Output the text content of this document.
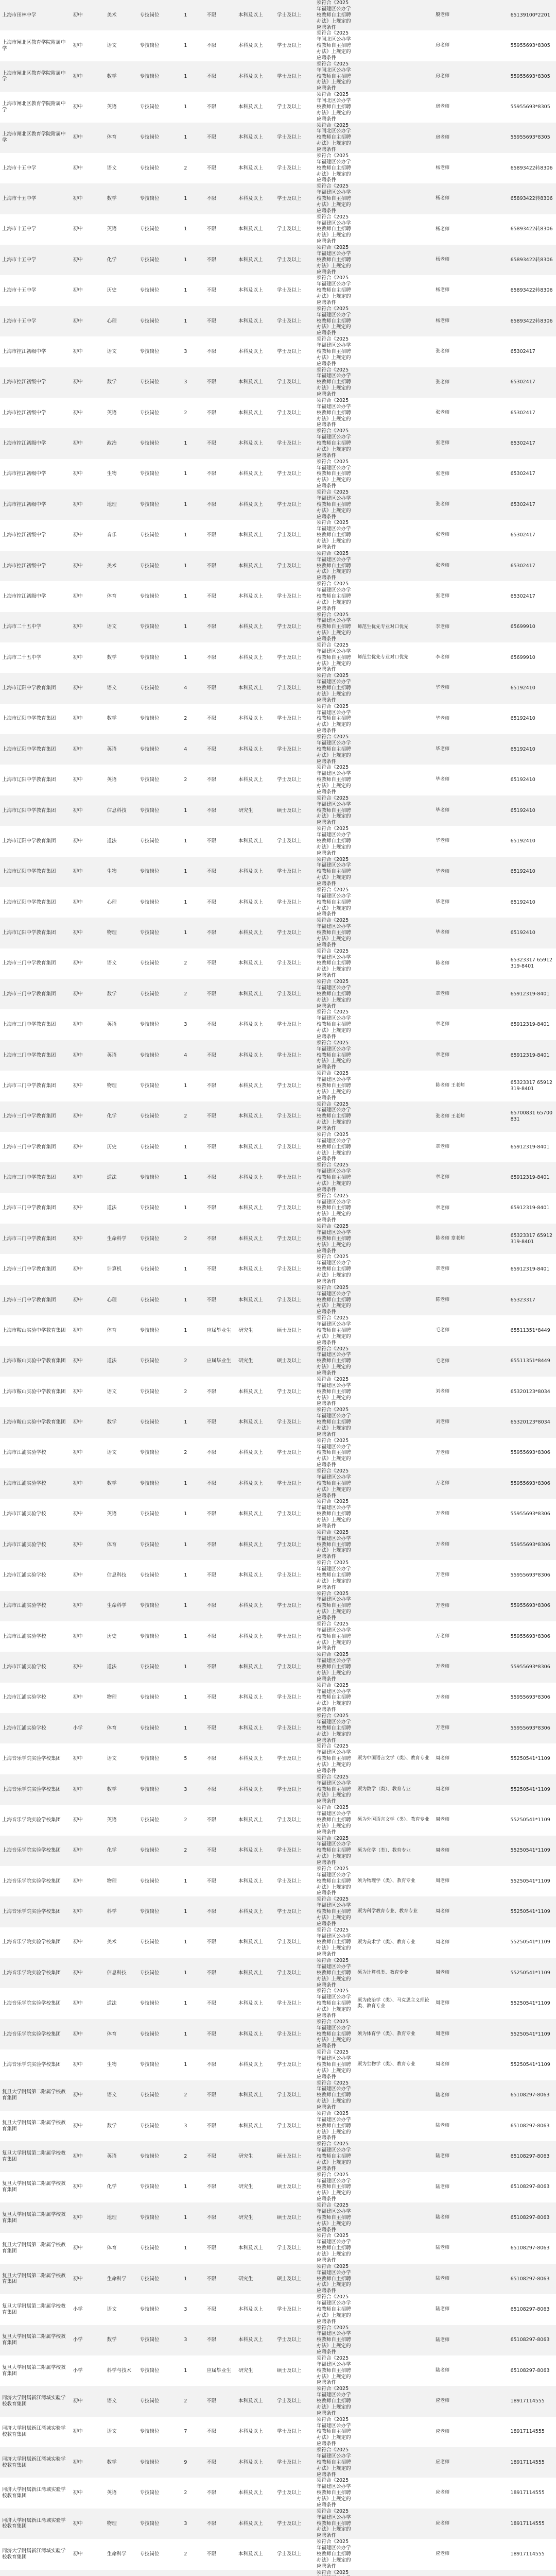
上海市田林中学	初中	美术	专技岗位	1	不限	本科及以上	学士及以上	须符合《2025年福建区公办学校教师自主招聘办法》上规定的应聘条件		殷老师	65139100*2201
上海市闸北区教育学院附属中学	初中	语文	专技岗位	1	不限	本科及以上	学士及以上	须符合《2025年闸北区公办学校教师自主招聘办法》上规定的应聘条件		房老师	55955693*8305
上海市闸北区教育学院附属中学	初中	数学	专技岗位	1	不限	本科及以上	学士及以上	须符合《2025年闸北区公办学校教师自主招聘办法》上规定的应聘条件		房老师	55955693*8305
上海市闸北区教育学院附属中学	初中	英语	专技岗位	1	不限	本科及以上	学士及以上	须符合《2025年闸北区公办学校教师自主招聘办法》上规定的应聘条件		房老师	55955693*8305
上海市闸北区教育学院附属中学	初中	体育	专技岗位	1	不限	本科及以上	学士及以上	须符合《2025年闸北区公办学校教师自主招聘办法》上规定的应聘条件		房老师	55955693*8305
上海市十五中学	初中	语文	专技岗位	2	不限	本科及以上	学士及以上	须符合《2025年福建区公办学校教师自主招聘办法》上规定的应聘条件		杨老师	65893422转8306
上海市十五中学	初中	数学	专技岗位	1	不限	本科及以上	学士及以上	须符合《2025年福建区公办学校教师自主招聘办法》上规定的应聘条件		杨老师	65893422转8306
上海市十五中学	初中	英语	专技岗位	1	不限	本科及以上	学士及以上	须符合《2025年福建区公办学校教师自主招聘办法》上规定的应聘条件		杨老师	65893422转8306
上海市十五中学	初中	化学	专技岗位	1	不限	本科及以上	学士及以上	须符合《2025年福建区公办学校教师自主招聘办法》上规定的应聘条件		杨老师	65893422转8306
上海市十五中学	初中	历史	专技岗位	1	不限	本科及以上	学士及以上	须符合《2025年福建区公办学校教师自主招聘办法》上规定的应聘条件		杨老师	65893422转8306
上海市十五中学	初中	心理	专技岗位	1	不限	本科及以上	学士及以上	须符合《2025年福建区公办学校教师自主招聘办法》上规定的应聘条件		杨老师	65893422转8306
上海市控江初级中学	初中	语文	专技岗位	3	不限	本科及以上	学士及以上	须符合《2025年福建区公办学校教师自主招聘办法》上规定的应聘条件		张老师	65302417
上海市控江初级中学	初中	数学	专技岗位	3	不限	本科及以上	学士及以上	须符合《2025年福建区公办学校教师自主招聘办法》上规定的应聘条件		张老师	65302417
上海市控江初级中学	初中	英语	专技岗位	2	不限	本科及以上	学士及以上	须符合《2025年福建区公办学校教师自主招聘办法》上规定的应聘条件		张老师	65302417
上海市控江初级中学	初中	政治	专技岗位	1	不限	本科及以上	学士及以上	须符合《2025年福建区公办学校教师自主招聘办法》上规定的应聘条件		张老师	65302417
上海市控江初级中学	初中	生物	专技岗位	1	不限	本科及以上	学士及以上	须符合《2025年福建区公办学校教师自主招聘办法》上规定的应聘条件		张老师	65302417
上海市控江初级中学	初中	地理	专技岗位	1	不限	本科及以上	学士及以上	须符合《2025年福建区公办学校教师自主招聘办法》上规定的应聘条件		张老师	65302417
上海市控江初级中学	初中	音乐	专技岗位	1	不限	本科及以上	学士及以上	须符合《2025年福建区公办学校教师自主招聘办法》上规定的应聘条件		张老师	65302417
上海市控江初级中学	初中	美术	专技岗位	1	不限	本科及以上	学士及以上	须符合《2025年福建区公办学校教师自主招聘办法》上规定的应聘条件		张老师	65302417
上海市控江初级中学	初中	体育	专技岗位	1	不限	本科及以上	学士及以上	须符合《2025年福建区公办学校教师自主招聘办法》上规定的应聘条件		张老师	65302417
上海市二十五中学	初中	语文	专技岗位	1	不限	本科及以上	学士及以上	须符合《2025年福建区公办学校教师自主招聘办法》上规定的应聘条件	师范生优先专业对口优先	李老师	65699910
上海市二十五中学	初中	数学	专技岗位	1	不限	本科及以上	学士及以上	须符合《2025年福建区公办学校教师自主招聘办法》上规定的应聘条件	师范生优先专业对口优先	李老师	65699910
上海市辽阳中学教育集团	初中	语文	专技岗位	4	不限	本科及以上	学士及以上	须符合《2025年福建区公办学校教师自主招聘办法》上规定的应聘条件		毕老师	65192410
上海市辽阳中学教育集团	初中	数学	专技岗位	2	不限	本科及以上	学士及以上	须符合《2025年福建区公办学校教师自主招聘办法》上规定的应聘条件		毕老师	65192410
上海市辽阳中学教育集团	初中	英语	专技岗位	4	不限	本科及以上	学士及以上	须符合《2025年福建区公办学校教师自主招聘办法》上规定的应聘条件		毕老师	65192410
上海市辽阳中学教育集团	初中	英语	专技岗位	2	不限	本科及以上	学士及以上	须符合《2025年福建区公办学校教师自主招聘办法》上规定的应聘条件		毕老师	65192410
上海市辽阳中学教育集团	初中	信息科技	专技岗位	1	不限	研究生	硕士及以上	须符合《2025年福建区公办学校教师自主招聘办法》上规定的应聘条件		毕老师	65192410
上海市辽阳中学教育集团	初中	道法	专技岗位	1	不限	本科及以上	学士及以上	须符合《2025年福建区公办学校教师自主招聘办法》上规定的应聘条件		毕老师	65192410
上海市辽阳中学教育集团	初中	生物	专技岗位	1	不限	本科及以上	学士及以上	须符合《2025年福建区公办学校教师自主招聘办法》上规定的应聘条件		毕老师	65192410
上海市辽阳中学教育集团	初中	心理	专技岗位	1	不限	本科及以上	学士及以上	须符合《2025年福建区公办学校教师自主招聘办法》上规定的应聘条件		毕老师	65192410
上海市辽阳中学教育集团	初中	物理	专技岗位	1	不限	本科及以上	学士及以上	须符合《2025年福建区公办学校教师自主招聘办法》上规定的应聘条件		毕老师	65192410
上海市三门中学教育集团	初中	语文	专技岗位	2	不限	本科及以上	学士及以上	须符合《2025年福建区公办学校教师自主招聘办法》上规定的应聘条件		陈老师	65323317 65912319-8401
上海市三门中学教育集团	初中	数学	专技岗位	2	不限	本科及以上	学士及以上	须符合《2025年福建区公办学校教师自主招聘办法》上规定的应聘条件		章老师	65912319-8401
上海市三门中学教育集团	初中	英语	专技岗位	3	不限	本科及以上	学士及以上	须符合《2025年福建区公办学校教师自主招聘办法》上规定的应聘条件		章老师	65912319-8401
上海市三门中学教育集团	初中	英语	专技岗位	4	不限	本科及以上	学士及以上	须符合《2025年福建区公办学校教师自主招聘办法》上规定的应聘条件		章老师	65912319-8401
上海市三门中学教育集团	初中	物理	专技岗位	1	不限	本科及以上	学士及以上	须符合《2025年福建区公办学校教师自主招聘办法》上规定的应聘条件		陈老师 王老师	65323317 65912319-8401
上海市三门中学教育集团	初中	化学	专技岗位	2	不限	本科及以上	学士及以上	须符合《2025年福建区公办学校教师自主招聘办法》上规定的应聘条件		张老师 王老师	65700831 65700831
上海市三门中学教育集团	初中	历史	专技岗位	1	不限	本科及以上	学士及以上	须符合《2025年福建区公办学校教师自主招聘办法》上规定的应聘条件		章老师	65912319-8401
上海市三门中学教育集团	初中	道法	专技岗位	1	不限	本科及以上	学士及以上	须符合《2025年福建区公办学校教师自主招聘办法》上规定的应聘条件		章老师	65912319-8401
上海市三门中学教育集团	初中	道法	专技岗位	1	不限	本科及以上	学士及以上	须符合《2025年福建区公办学校教师自主招聘办法》上规定的应聘条件		章老师	65912319-8401
上海市三门中学教育集团	初中	生命科学	专技岗位	2	不限	本科及以上	学士及以上	须符合《2025年福建区公办学校教师自主招聘办法》上规定的应聘条件		陈老师 章老师	65323317 65912319-8401
上海市三门中学教育集团	初中	计算机	专技岗位	1	不限	本科及以上	学士及以上	须符合《2025年福建区公办学校教师自主招聘办法》上规定的应聘条件		章老师	65912319-8401
上海市三门中学教育集团	初中	心理	专技岗位	1	不限	本科及以上	学士及以上	须符合《2025年福建区公办学校教师自主招聘办法》上规定的应聘条件		陈老师	65323317
上海市鞍山实验中学教育集团	初中	体育	专技岗位	1	应届毕业生	研究生	硕士及以上	须符合《2025年福建区公办学校教师自主招聘办法》上规定的应聘条件		毛老师	65511351*8449
上海市鞍山实验中学教育集团	初中	道法	专技岗位	2	应届毕业生	研究生	硕士及以上	须符合《2025年福建区公办学校教师自主招聘办法》上规定的应聘条件		毛老师	65511351*8449
上海市鞍山实验中学教育集团	初中	语文	专技岗位	2	不限	本科及以上	学士及以上	须符合《2025年福建区公办学校教师自主招聘办法》上规定的应聘条件		刘老师	65320123*8034
上海市鞍山实验中学教育集团	初中	数学	专技岗位	1	不限	本科及以上	学士及以上	须符合《2025年福建区公办学校教师自主招聘办法》上规定的应聘条件		刘老师	65320123*8034
上海市江浦实验学校	初中	语文	专技岗位	2	不限	本科及以上	学士及以上	须符合《2025年福建区公办学校教师自主招聘办法》上规定的应聘条件		万老师	55955693*8306
上海市江浦实验学校	初中	数学	专技岗位	1	不限	本科及以上	学士及以上	须符合《2025年福建区公办学校教师自主招聘办法》上规定的应聘条件		万老师	55955693*8306
上海市江浦实验学校	初中	英语	专技岗位	1	不限	本科及以上	学士及以上	须符合《2025年福建区公办学校教师自主招聘办法》上规定的应聘条件		万老师	55955693*8306
上海市江浦实验学校	初中	体育	专技岗位	1	不限	本科及以上	学士及以上	须符合《2025年福建区公办学校教师自主招聘办法》上规定的应聘条件		万老师	55955693*8306
上海市江浦实验学校	初中	信息科技	专技岗位	1	不限	本科及以上	学士及以上	须符合《2025年福建区公办学校教师自主招聘办法》上规定的应聘条件		万老师	55955693*8306
上海市江浦实验学校	初中	生命科学	专技岗位	1	不限	本科及以上	学士及以上	须符合《2025年福建区公办学校教师自主招聘办法》上规定的应聘条件		万老师	55955693*8306
上海市江浦实验学校	初中	历史	专技岗位	1	不限	本科及以上	学士及以上	须符合《2025年福建区公办学校教师自主招聘办法》上规定的应聘条件		万老师	55955693*8306
上海市江浦实验学校	初中	道法	专技岗位	1	不限	本科及以上	学士及以上	须符合《2025年福建区公办学校教师自主招聘办法》上规定的应聘条件		万老师	55955693*8306
上海市江浦实验学校	初中	物理	专技岗位	1	不限	本科及以上	学士及以上	须符合《2025年福建区公办学校教师自主招聘办法》上规定的应聘条件		万老师	55955693*8306
上海市江浦实验学校	小学	体育	专技岗位	1	不限	本科及以上	学士及以上	须符合《2025年福建区公办学校教师自主招聘办法》上规定的应聘条件		万老师	55955693*8306
上海音乐学院实验学校集团	初中	语文	专技岗位	5	不限	本科及以上	学士及以上	须符合《2025年福建区公办学校教师自主招聘办法》上规定的应聘条件	须为中国语言文学（类）、教育专业	周老师	55250541*1109
上海音乐学院实验学校集团	初中	数学	专技岗位	3	不限	本科及以上	学士及以上	须符合《2025年福建区公办学校教师自主招聘办法》上规定的应聘条件	须为数学（类）、教育专业	周老师	55250541*1109
上海音乐学院实验学校集团	初中	英语	专技岗位	2	不限	本科及以上	学士及以上	须符合《2025年福建区公办学校教师自主招聘办法》上规定的应聘条件	须为外国语言文学（类）、教育专业	周老师	55250541*1109
上海音乐学院实验学校集团	初中	化学	专技岗位	2	不限	本科及以上	学士及以上	须符合《2025年福建区公办学校教师自主招聘办法》上规定的应聘条件	须为化学（类）、教育专业	周老师	55250541*1109
上海音乐学院实验学校集团	初中	物理	专技岗位	1	不限	本科及以上	学士及以上	须符合《2025年福建区公办学校教师自主招聘办法》上规定的应聘条件	须为物理学（类）、教育专业	周老师	55250541*1109
上海音乐学院实验学校集团	初中	科学	专技岗位	1	不限	本科及以上	学士及以上	须符合《2025年福建区公办学校教师自主招聘办法》上规定的应聘条件	须为科学教育专业、教育专业	周老师	55250541*1109
上海音乐学院实验学校集团	初中	美术	专技岗位	1	不限	本科及以上	学士及以上	须符合《2025年福建区公办学校教师自主招聘办法》上规定的应聘条件	须为美术学（类）、教育专业	周老师	55250541*1109
上海音乐学院实验学校集团	初中	信息科技	专技岗位	1	不限	本科及以上	学士及以上	须符合《2025年福建区公办学校教师自主招聘办法》上规定的应聘条件	须为计算机类、教育专业	周老师	55250541*1109
上海音乐学院实验学校集团	初中	道法	专技岗位	1	不限	本科及以上	学士及以上	须符合《2025年福建区公办学校教师自主招聘办法》上规定的应聘条件	须为政治学（类）、马克思主义理论类、教育专业	周老师	55250541*1109
上海音乐学院实验学校集团	初中	体育	专技岗位	1	不限	本科及以上	学士及以上	须符合《2025年福建区公办学校教师自主招聘办法》上规定的应聘条件	须为体育学（类）、教育专业	周老师	55250541*1109
上海音乐学院实验学校集团	初中	生物	专技岗位	1	不限	本科及以上	学士及以上	须符合《2025年福建区公办学校教师自主招聘办法》上规定的应聘条件	须为生物学（类）、教育专业	周老师	55250541*1109
复旦大学附属第二附属学校教育集团	初中	语文	专技岗位	2	不限	本科及以上	学士及以上	须符合《2025年福建区公办学校教师自主招聘办法》上规定的应聘条件		陆老师	65108297-8063
复旦大学附属第二附属学校教育集团	初中	数学	专技岗位	3	不限	本科及以上	学士及以上	须符合《2025年福建区公办学校教师自主招聘办法》上规定的应聘条件		陆老师	65108297-8063
复旦大学附属第二附属学校教育集团	初中	英语	专技岗位	2	不限	研究生	硕士及以上	须符合《2025年福建区公办学校教师自主招聘办法》上规定的应聘条件		陆老师	65108297-8063
复旦大学附属第二附属学校教育集团	初中	化学	专技岗位	1	不限	研究生	硕士及以上	须符合《2025年福建区公办学校教师自主招聘办法》上规定的应聘条件		陆老师	65108297-8063
复旦大学附属第二附属学校教育集团	初中	地理	专技岗位	1	不限	研究生	硕士及以上	须符合《2025年福建区公办学校教师自主招聘办法》上规定的应聘条件		陆老师	65108297-8063
复旦大学附属第二附属学校教育集团	初中	体育	专技岗位	1	不限	本科及以上	学士及以上	须符合《2025年福建区公办学校教师自主招聘办法》上规定的应聘条件		陆老师	65108297-8063
复旦大学附属第二附属学校教育集团	初中	生命科学	专技岗位	1	不限	研究生	硕士及以上	须符合《2025年福建区公办学校教师自主招聘办法》上规定的应聘条件		陆老师	65108297-8063
复旦大学附属第二附属学校教育集团	小学	语文	专技岗位	3	不限	本科及以上	学士及以上	须符合《2025年福建区公办学校教师自主招聘办法》上规定的应聘条件		陆老师	65108297-8063
复旦大学附属第二附属学校教育集团	小学	数学	专技岗位	3	不限	本科及以上	学士及以上	须符合《2025年福建区公办学校教师自主招聘办法》上规定的应聘条件		陆老师	65108297-8063
复旦大学附属第二附属学校教育集团	小学	科学与技术	专技岗位	1	应届毕业生	研究生	硕士及以上	须符合《2025年福建区公办学校教师自主招聘办法》上规定的应聘条件		陆老师	65108297-8063
同济大学附属新江湾城实验学校教育集团	初中	语文	专技岗位	2	不限	本科及以上	学士及以上	须符合《2025年福建区公办学校教师自主招聘办法》上规定的应聘条件		应老师	18917114555
同济大学附属新江湾城实验学校教育集团	初中	语文	专技岗位	7	不限	本科及以上	学士及以上	须符合《2025年福建区公办学校教师自主招聘办法》上规定的应聘条件		应老师	18917114555
同济大学附属新江湾城实验学校教育集团	初中	数学	专技岗位	9	不限	本科及以上	学士及以上	须符合《2025年福建区公办学校教师自主招聘办法》上规定的应聘条件		应老师	18917114555
同济大学附属新江湾城实验学校教育集团	初中	英语	专技岗位	2	不限	本科及以上	学士及以上	须符合《2025年福建区公办学校教师自主招聘办法》上规定的应聘条件		应老师	18917114555
同济大学附属新江湾城实验学校教育集团	初中	物理	专技岗位	3	不限	本科及以上	学士及以上	须符合《2025年福建区公办学校教师自主招聘办法》上规定的应聘条件		应老师	18917114555
同济大学附属新江湾城实验学校教育集团	初中	生命科学	专技岗位	2	不限	本科及以上	学士及以上	须符合《2025年福建区公办学校教师自主招聘办法》上规定的应聘条件		应老师	18917114555
								须符合《2025			
